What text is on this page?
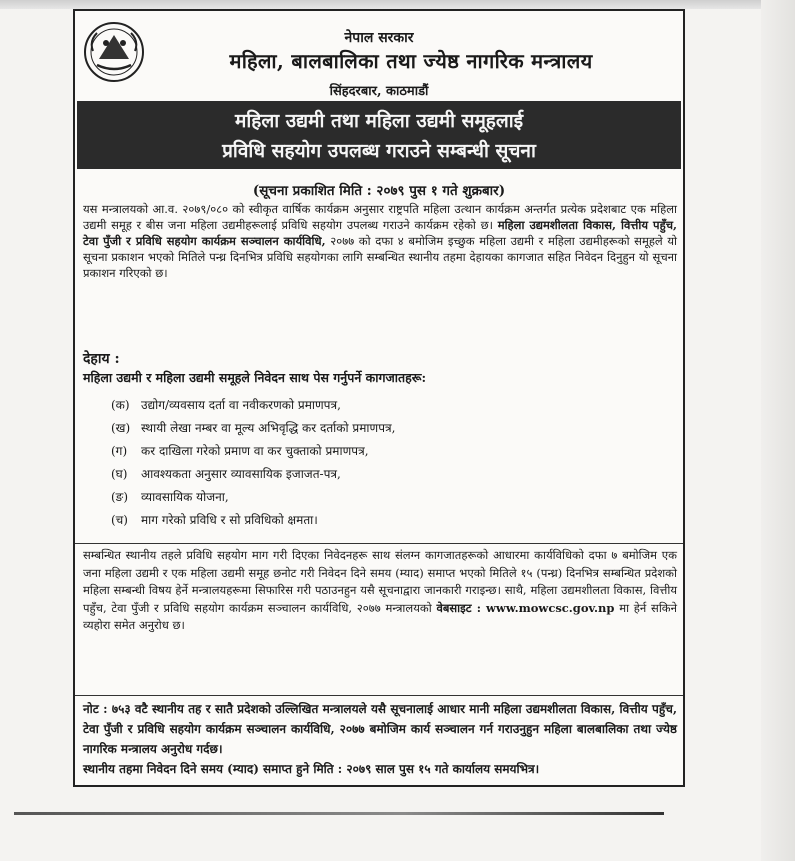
नेपाल सरकार
महिला, बालबालिका तथा ज्येष्ठ नागरिक मन्त्रालय
सिंहदरबार, काठमाडौं
महिला उद्यमी तथा महिला उद्यमी समूहलाई
प्रविधि सहयोग उपलब्ध गराउने सम्बन्धी सूचना
(सूचना प्रकाशित मिति : २०७९ पुस १ गते शुक्रबार)
यस मन्त्रालयको आ.व. २०७९/०८० को स्वीकृत वार्षिक कार्यक्रम अनुसार राष्ट्रपति महिला उत्थान कार्यक्रम अन्तर्गत प्रत्येक प्रदेशबाट एक महिला उद्यमी समूह र बीस जना महिला उद्यमीहरूलाई प्रविधि सहयोग उपलब्ध गराउने कार्यक्रम रहेको छ। महिला उद्यमशीलता विकास, वित्तीय पहुँच, टेवा पुँजी र प्रविधि सहयोग कार्यक्रम सञ्चालन कार्यविधि, २०७७ को दफा ४ बमोजिम इच्छुक महिला उद्यमी र महिला उद्यमीहरूको समूहले यो सूचना प्रकाशन भएको मितिले पन्ध्र दिनभित्र प्रविधि सहयोगका लागि सम्बन्धित स्थानीय तहमा देहायका कागजात सहित निवेदन दिनुहुन यो सूचना प्रकाशन गरिएको छ।
देहाय :
महिला उद्यमी र महिला उद्यमी समूहले निवेदन साथ पेस गर्नुपर्ने कागजातहरू:
(क) उद्योग/व्यवसाय दर्ता वा नवीकरणको प्रमाणपत्र,
(ख) स्थायी लेखा नम्बर वा मूल्य अभिवृद्धि कर दर्ताको प्रमाणपत्र,
(ग) कर दाखिला गरेको प्रमाण वा कर चुक्ताको प्रमाणपत्र,
(घ) आवश्यकता अनुसार व्यावसायिक इजाजत-पत्र,
(ङ) व्यावसायिक योजना,
(च) माग गरेको प्रविधि र सो प्रविधिको क्षमता।
सम्बन्धित स्थानीय तहले प्रविधि सहयोग माग गरी दिएका निवेदनहरू साथ संलग्न कागजातहरूको आधारमा कार्यविधिको दफा ७ बमोजिम एक जना महिला उद्यमी र एक महिला उद्यमी समूह छनोट गरी निवेदन दिने समय (म्याद) समाप्त भएको मितिले १५ (पन्ध्र) दिनभित्र सम्बन्धित प्रदेशको महिला सम्बन्धी विषय हेर्ने मन्त्रालयहरूमा सिफारिस गरी पठाउनहुन यसै सूचनाद्वारा जानकारी गराइन्छ। साथै, महिला उद्यमशीलता विकास, वित्तीय पहुँच, टेवा पुँजी र प्रविधि सहयोग कार्यक्रम सञ्चालन कार्यविधि, २०७७ मन्त्रालयको वेबसाइट : www.mowcsc.gov.np मा हेर्न सकिने व्यहोरा समेत अनुरोध छ।
नोट : ७५३ वटै स्थानीय तह र सातै प्रदेशको उल्लिखित मन्त्रालयले यसै सूचनालाई आधार मानी महिला उद्यमशीलता विकास, वित्तीय पहुँच, टेवा पुँजी र प्रविधि सहयोग कार्यक्रम सञ्चालन कार्यविधि, २०७७ बमोजिम कार्य सञ्चालन गर्न गराउनुहुन महिला बालबालिका तथा ज्येष्ठ नागरिक मन्त्रालय अनुरोध गर्दछ।
स्थानीय तहमा निवेदन दिने समय (म्याद) समाप्त हुने मिति : २०७९ साल पुस १५ गते कार्यालय समयभित्र।
